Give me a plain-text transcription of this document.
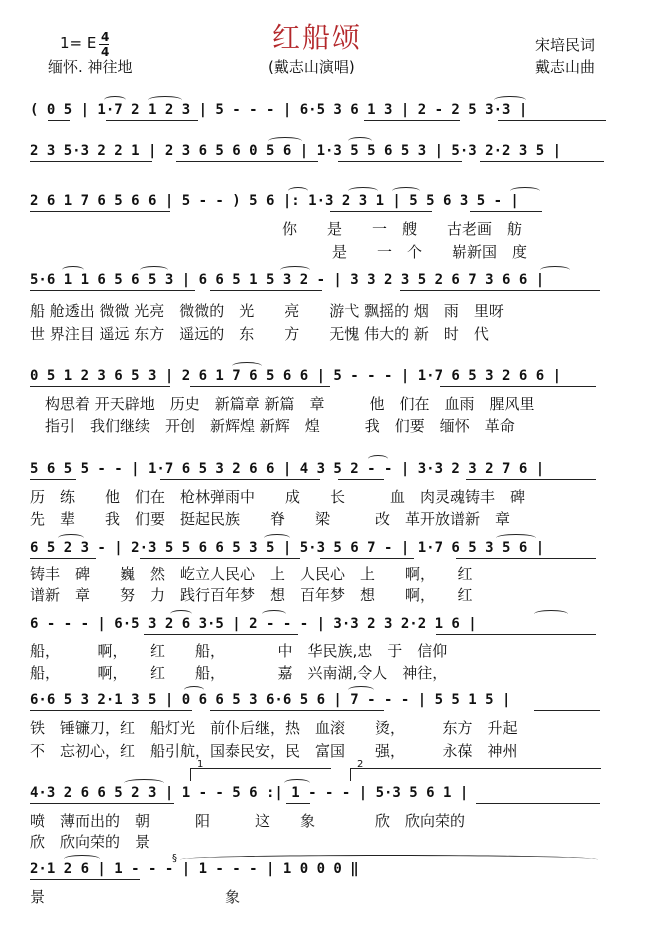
1= E 4
4
缅怀. 神往地
红船颂
(戴志山演唱)
宋培民词
戴志山曲
( 0 5 | 1·7 2 1 2 3 | 5 - - - | 6·5 3 6 1 3 | 2 - 2 5 3·3 |
2 3 5·3 2 2 1 | 2 3 6 5 6 0 5 6 | 1·3 5 5 6 5 3 | 5·3 2·2 3 5 |
2 6 1 7 6 5 6 6 | 5 - - ) 5 6 |: 1·3 2 3 1 | 5 5 6 3 5 - |
5·6 1 1 6 5 6 5 3 | 6 6 5 1 5 3 2 - | 3 3 2 3 5 2 6 7 3 6 6 |
0 5 1 2 3 6 5 3 | 2 6 1 7 6 5 6 6 | 5 - - - | 1·7 6 5 3 2 6 6 |
5 6 5 5 - - | 1·7 6 5 3 2 6 6 | 4 3 5 2 - - | 3·3 2 3 2 7 6 |
6 5 2 3 - | 2·3 5 5 6 6 5 3 5 | 5·3 5 6 7 - | 1·7 6 5 3 5 6 |
6 - - - | 6·5 3 2 6 3·5 | 2 - - - | 3·3 2 3 2·2 1 6 |
6·6 5 3 2·1 3 5 | 0 6 6 5 3 6·6 5 6 | 7 - - - | 5 5 1 5 |
4·3 2 6 6 5 2 3 | 1 - - 5 6 :| 1 - - - | 5·3 5 6 1 |
2·1 2 6 | 1 - - - | 1 - - - | 1 0 0 0 ‖
你　　是　　一　艘　　古老画　舫
是　　一　个　　崭新国　度
船 舱透出 微微 光亮　微微的　光　　亮　　游弋 飘摇的 烟　雨　里呀
世 界注目 遥远 东方　遥远的　东　　方　　无愧 伟大的 新　时　代
构思着 开天辟地　历史　新篇章 新篇　章　　　他　们在　血雨　腥风里
指引　我们继续　开创　新辉煌 新辉　煌　　　我　们要　缅怀　革命
历　练　　他　们在　枪林弹雨中　　成　　长　　　血　肉灵魂铸丰　碑
先　辈　　我　们要　挺起民族　　脊　　梁　　　改　革开放谱新　章
铸丰　碑　　巍　然　屹立人民心　上　人民心　上　　啊，　　红
谱新　章　　努　力　践行百年梦　想　百年梦　想　　啊，　　红
船，　　　啊，　　红　　船，　　　　中　华民族,忠　于　信仰
船，　　　啊，　　红　　船，　　　　嘉　兴南湖,令人　神往，
铁　锤镰刀，红　船灯光　前仆后继，热　血滚　　烫，　　　东方　升起
不　忘初心，红　船引航，国泰民安，民　富国　　强，　　　永葆　神州
喷　薄而出的　朝　　　阳　　　这　　象　　　　欣　欣向荣的
欣　欣向荣的　景
景　　　　　　　　　　　　象
1	2
§
